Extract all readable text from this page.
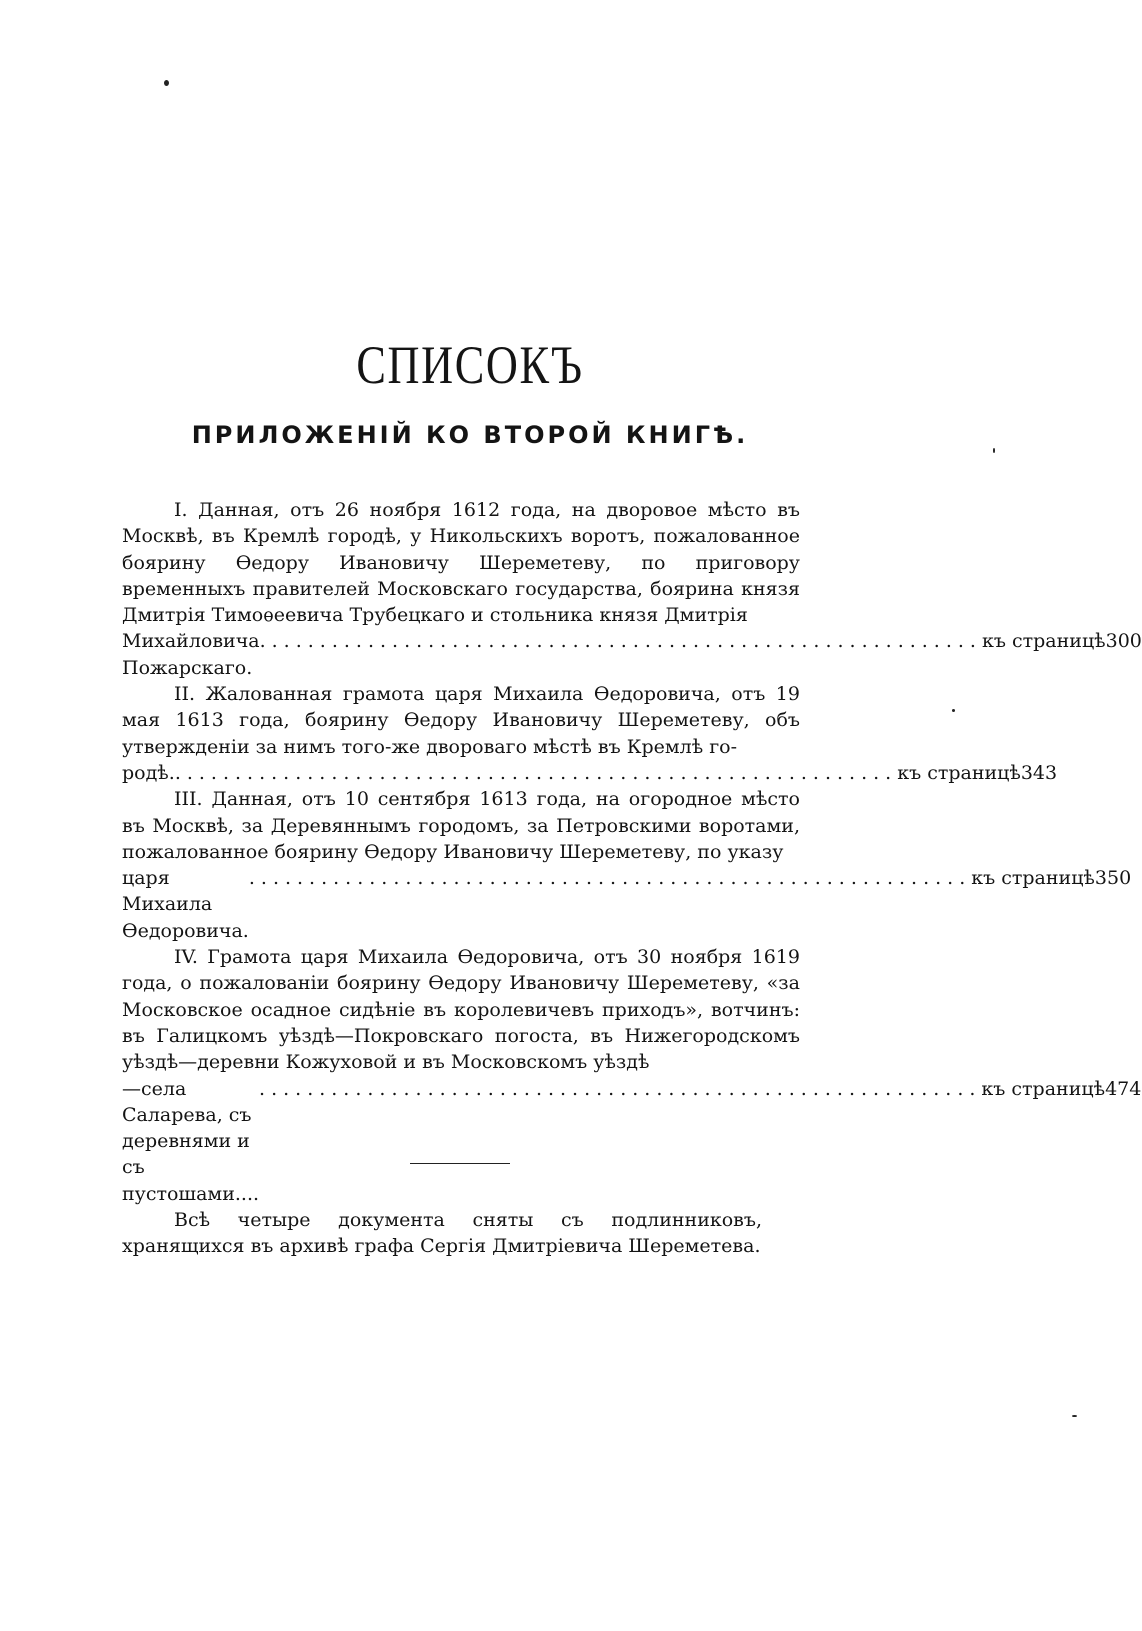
СПИСОКЪ
ПРИЛОЖЕНІЙ КО ВТОРОЙ КНИГѢ.
I. Данная, отъ 26 ноября 1612 года, на дворовое мѣсто въ Москвѣ, въ Кремлѣ городѣ, у Никольскихъ воротъ, пожалованное боярину Ѳедору Ивановичу Шереметеву, по приговору временныхъ правителей Московскаго государства, боярина князя Дмитрія Тимоѳеевича Трубецкаго и стольника князя Дмитрія
Михайловича Пожарскаго.
............................................................ къ страницѣ 300
II. Жалованная грамота царя Михаила Ѳедоровича, отъ 19 мая 1613 года, боярину Ѳедору Ивановичу Шереметеву, объ утвержденіи за нимъ того-же двороваго мѣстѣ въ Кремлѣ го-
родѣ. ............................................................ къ страницѣ 343
III. Данная, отъ 10 сентября 1613 года, на огородное мѣсто въ Москвѣ, за Деревяннымъ городомъ, за Петровскими воротами, пожалованное боярину Ѳедору Ивановичу Шереметеву, по указу
царя Михаила Ѳедоровича.
............................................................ къ страницѣ 350
IV. Грамота царя Михаила Ѳедоровича, отъ 30 ноября 1619 года, о пожалованіи боярину Ѳедору Ивановичу Шереметеву, «за Московское осадное сидѣніе въ королевичевъ приходъ», вотчинъ: въ Галицкомъ уѣздѣ—Покровскаго погоста, въ Нижегородскомъ уѣздѣ—деревни Кожуховой и въ Московскомъ уѣздѣ
—села Саларева, съ деревнями и съ пустошами....
............................................................ къ страницѣ 474
Всѣ четыре документа сняты съ подлинниковъ, хранящихся въ архивѣ графа Сергія Дмитріевича Шереметева.
